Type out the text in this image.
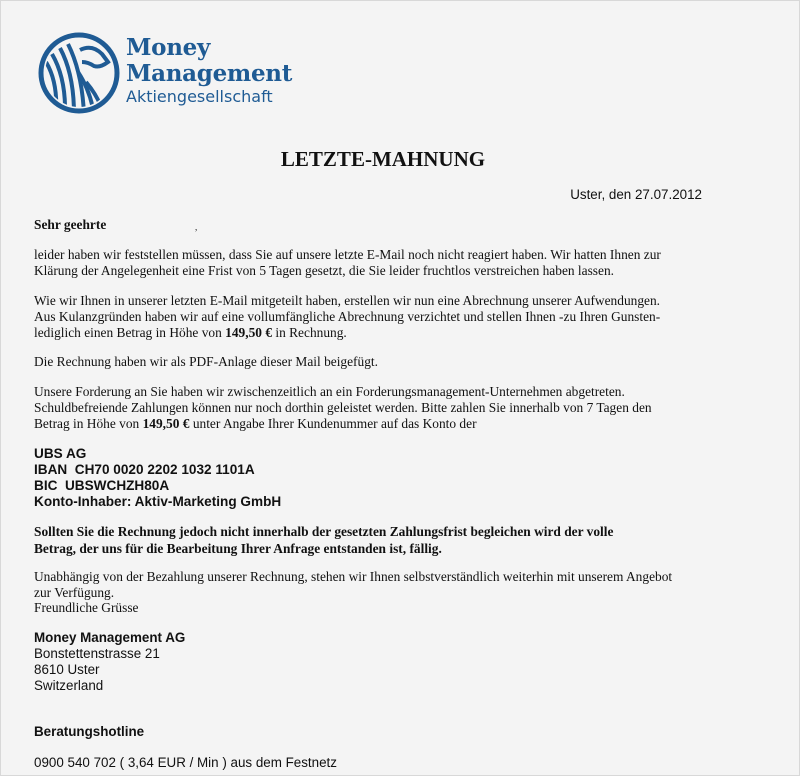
Money
Management
Aktiengesellschaft
LETZTE-MAHNUNG
Uster, den 27.07.2012
Sehr geehrte	,
leider haben wir feststellen müssen, dass Sie auf unsere letzte E-Mail noch nicht reagiert haben. Wir hatten Ihnen zur
Klärung der Angelegenheit eine Frist von 5 Tagen gesetzt, die Sie leider fruchtlos verstreichen haben lassen.
Wie wir Ihnen in unserer letzten E-Mail mitgeteilt haben, erstellen wir nun eine Abrechnung unserer Aufwendungen.
Aus Kulanzgründen haben wir auf eine vollumfängliche Abrechnung verzichtet und stellen Ihnen -zu Ihren Gunsten-
lediglich einen Betrag in Höhe von 149,50 € in Rechnung.
Die Rechnung haben wir als PDF-Anlage dieser Mail beigefügt.
Unsere Forderung an Sie haben wir zwischenzeitlich an ein Forderungsmanagement-Unternehmen abgetreten.
Schuldbefreiende Zahlungen können nur noch dorthin geleistet werden. Bitte zahlen Sie innerhalb von 7 Tagen den
Betrag in Höhe von 149,50 € unter Angabe Ihrer Kundenummer auf das Konto der
UBS AG
IBAN  CH70 0020 2202 1032 1101A
BIC  UBSWCHZH80A
Konto-Inhaber: Aktiv-Marketing GmbH
Sollten Sie die Rechnung jedoch nicht innerhalb der gesetzten Zahlungsfrist begleichen wird der volle
Betrag, der uns für die Bearbeitung Ihrer Anfrage entstanden ist, fällig.
Unabhängig von der Bezahlung unserer Rechnung, stehen wir Ihnen selbstverständlich weiterhin mit unserem Angebot
zur Verfügung.
Freundliche Grüsse
Money Management AG
Bonstettenstrasse 21
8610 Uster
Switzerland
Beratungshotline
0900 540 702 ( 3,64 EUR / Min ) aus dem Festnetz
